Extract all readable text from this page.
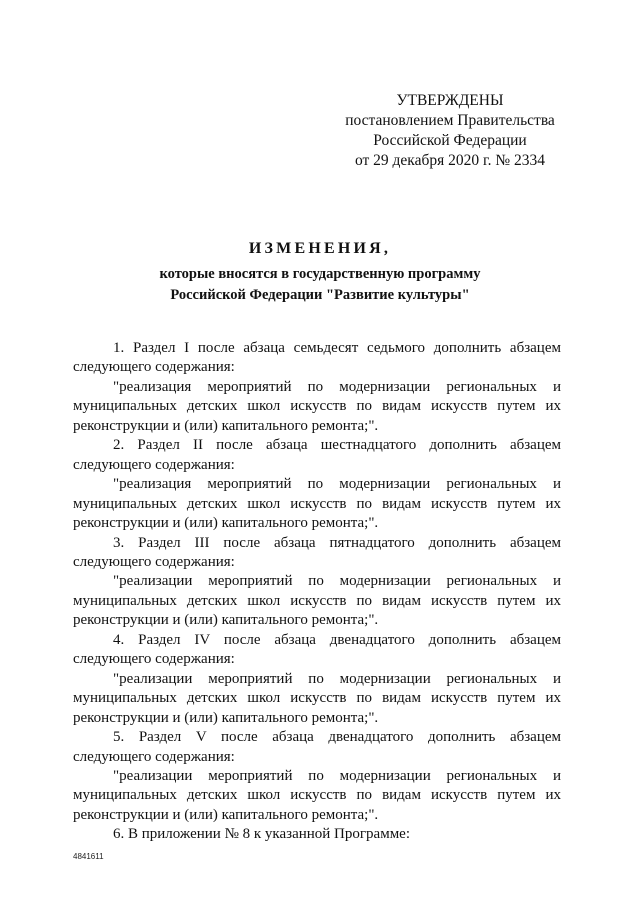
УТВЕРЖДЕНЫ
постановлением Правительства
Российской Федерации
от 29 декабря 2020 г. № 2334
ИЗМЕНЕНИЯ,
которые вносятся в государственную программу
Российской Федерации "Развитие культуры"

1. Раздел I после абзаца семьдесят седьмого дополнить абзацем следующего содержания:

"реализация мероприятий по модернизации региональных и муниципальных детских школ искусств по видам искусств путем их реконструкции и (или) капитального ремонта;".

2. Раздел II после абзаца шестнадцатого дополнить абзацем следующего содержания:

"реализация мероприятий по модернизации региональных и муниципальных детских школ искусств по видам искусств путем их реконструкции и (или) капитального ремонта;".

3. Раздел III после абзаца пятнадцатого дополнить абзацем следующего содержания:

"реализации мероприятий по модернизации региональных и муниципальных детских школ искусств по видам искусств путем их реконструкции и (или) капитального ремонта;".

4. Раздел IV после абзаца двенадцатого дополнить абзацем следующего содержания:

"реализации мероприятий по модернизации региональных и муниципальных детских школ искусств по видам искусств путем их реконструкции и (или) капитального ремонта;".

5. Раздел V после абзаца двенадцатого дополнить абзацем следующего содержания:

"реализации мероприятий по модернизации региональных и муниципальных детских школ искусств по видам искусств путем их реконструкции и (или) капитального ремонта;".

6. В приложении № 8 к указанной Программе:

4841611
